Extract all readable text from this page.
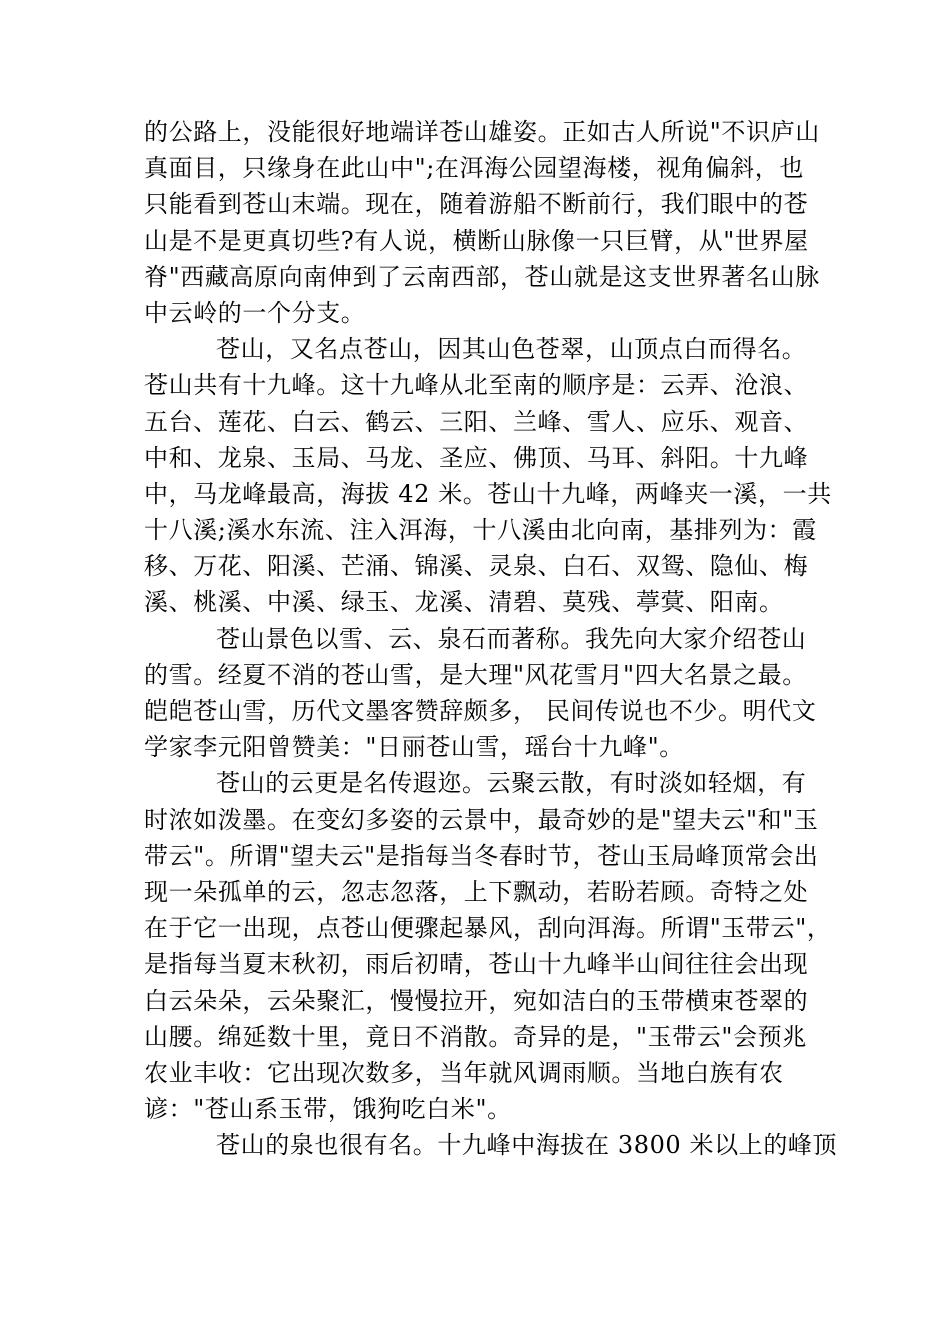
的公路上，没能很好地端详苍山雄姿。正如古人所说"不识庐山
真面目，只缘身在此山中";在洱海公园望海楼，视角偏斜，也
只能看到苍山末端。现在，随着游船不断前行，我们眼中的苍
山是不是更真切些?有人说，横断山脉像一只巨臂，从"世界屋
脊"西藏高原向南伸到了云南西部，苍山就是这支世界著名山脉
中云岭的一个分支。
苍山，又名点苍山，因其山色苍翠，山顶点白而得名。
苍山共有十九峰。这十九峰从北至南的顺序是：云弄、沧浪、
五台、莲花、白云、鹤云、三阳、兰峰、雪人、应乐、观音、
中和、龙泉、玉局、马龙、圣应、佛顶、马耳、斜阳。十九峰
中，马龙峰最高，海拔 42 米。苍山十九峰，两峰夹一溪，一共
十八溪;溪水东流、注入洱海，十八溪由北向南，基排列为：霞
移、万花、阳溪、芒涌、锦溪、灵泉、白石、双鸳、隐仙、梅
溪、桃溪、中溪、绿玉、龙溪、清碧、莫残、葶蓂、阳南。
苍山景色以雪、云、泉石而著称。我先向大家介绍苍山
的雪。经夏不消的苍山雪，是大理"风花雪月"四大名景之最。
皑皑苍山雪，历代文墨客赞辞颇多， 民间传说也不少。明代文
学家李元阳曾赞美："日丽苍山雪，瑶台十九峰"。
苍山的云更是名传遐迩。云聚云散，有时淡如轻烟，有
时浓如泼墨。在变幻多姿的云景中，最奇妙的是"望夫云"和"玉
带云"。所谓"望夫云"是指每当冬春时节，苍山玉局峰顶常会出
现一朵孤单的云，忽志忽落，上下飘动，若盼若顾。奇特之处
在于它一出现，点苍山便骤起暴风，刮向洱海。所谓"玉带云"，
是指每当夏末秋初，雨后初晴，苍山十九峰半山间往往会出现
白云朵朵，云朵聚汇，慢慢拉开，宛如洁白的玉带横束苍翠的
山腰。绵延数十里，竟日不消散。奇异的是，"玉带云"会预兆
农业丰收：它出现次数多，当年就风调雨顺。当地白族有农
谚："苍山系玉带，饿狗吃白米"。
苍山的泉也很有名。十九峰中海拔在 3800 米以上的峰顶
